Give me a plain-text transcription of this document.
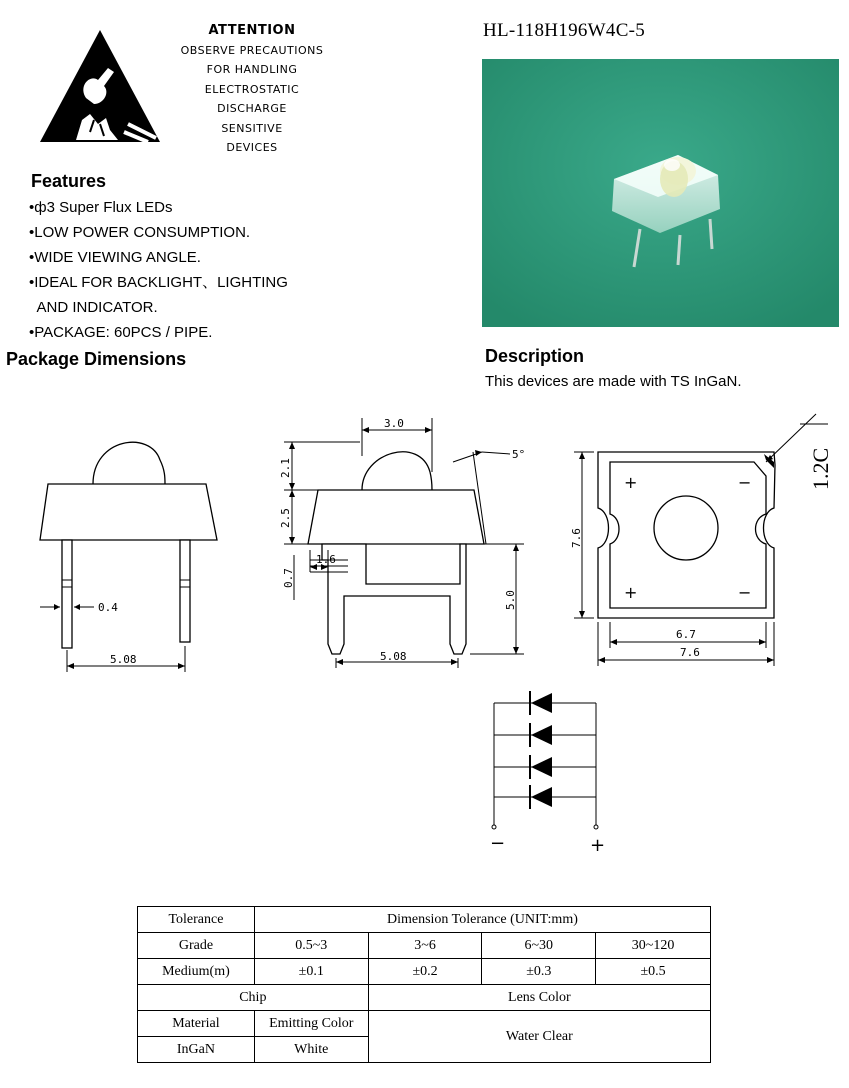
ATTENTION
OBSERVE PRECAUTIONS
FOR HANDLING
ELECTROSTATIC
DISCHARGE
SENSITIVE
DEVICES
HL-118H196W4C-5
Features
•ф3 Super Flux LEDs
•LOW POWER CONSUMPTION.
•WIDE VIEWING ANGLE.
•IDEAL FOR BACKLIGHT、LIGHTING
AND INDICATOR.
•PACKAGE: 60PCS / PIPE.
Package Dimensions	Description
This devices are made with TS InGaN.
0.4
5.08
3.0
5°
2.1
2.5
1.6
0.7
5.0
5.08
+	−
+	−
1.2C
7.6
6.7
7.6
−	+
Tolerance	Dimension Tolerance (UNIT:mm)			
Grade	0.5~3	3~6	6~30	30~120
Medium(m)	±0.1	±0.2	±0.3	±0.5
Chip		Lens Color		
Material	Emitting Color	Water Clear		
InGaN	White			
